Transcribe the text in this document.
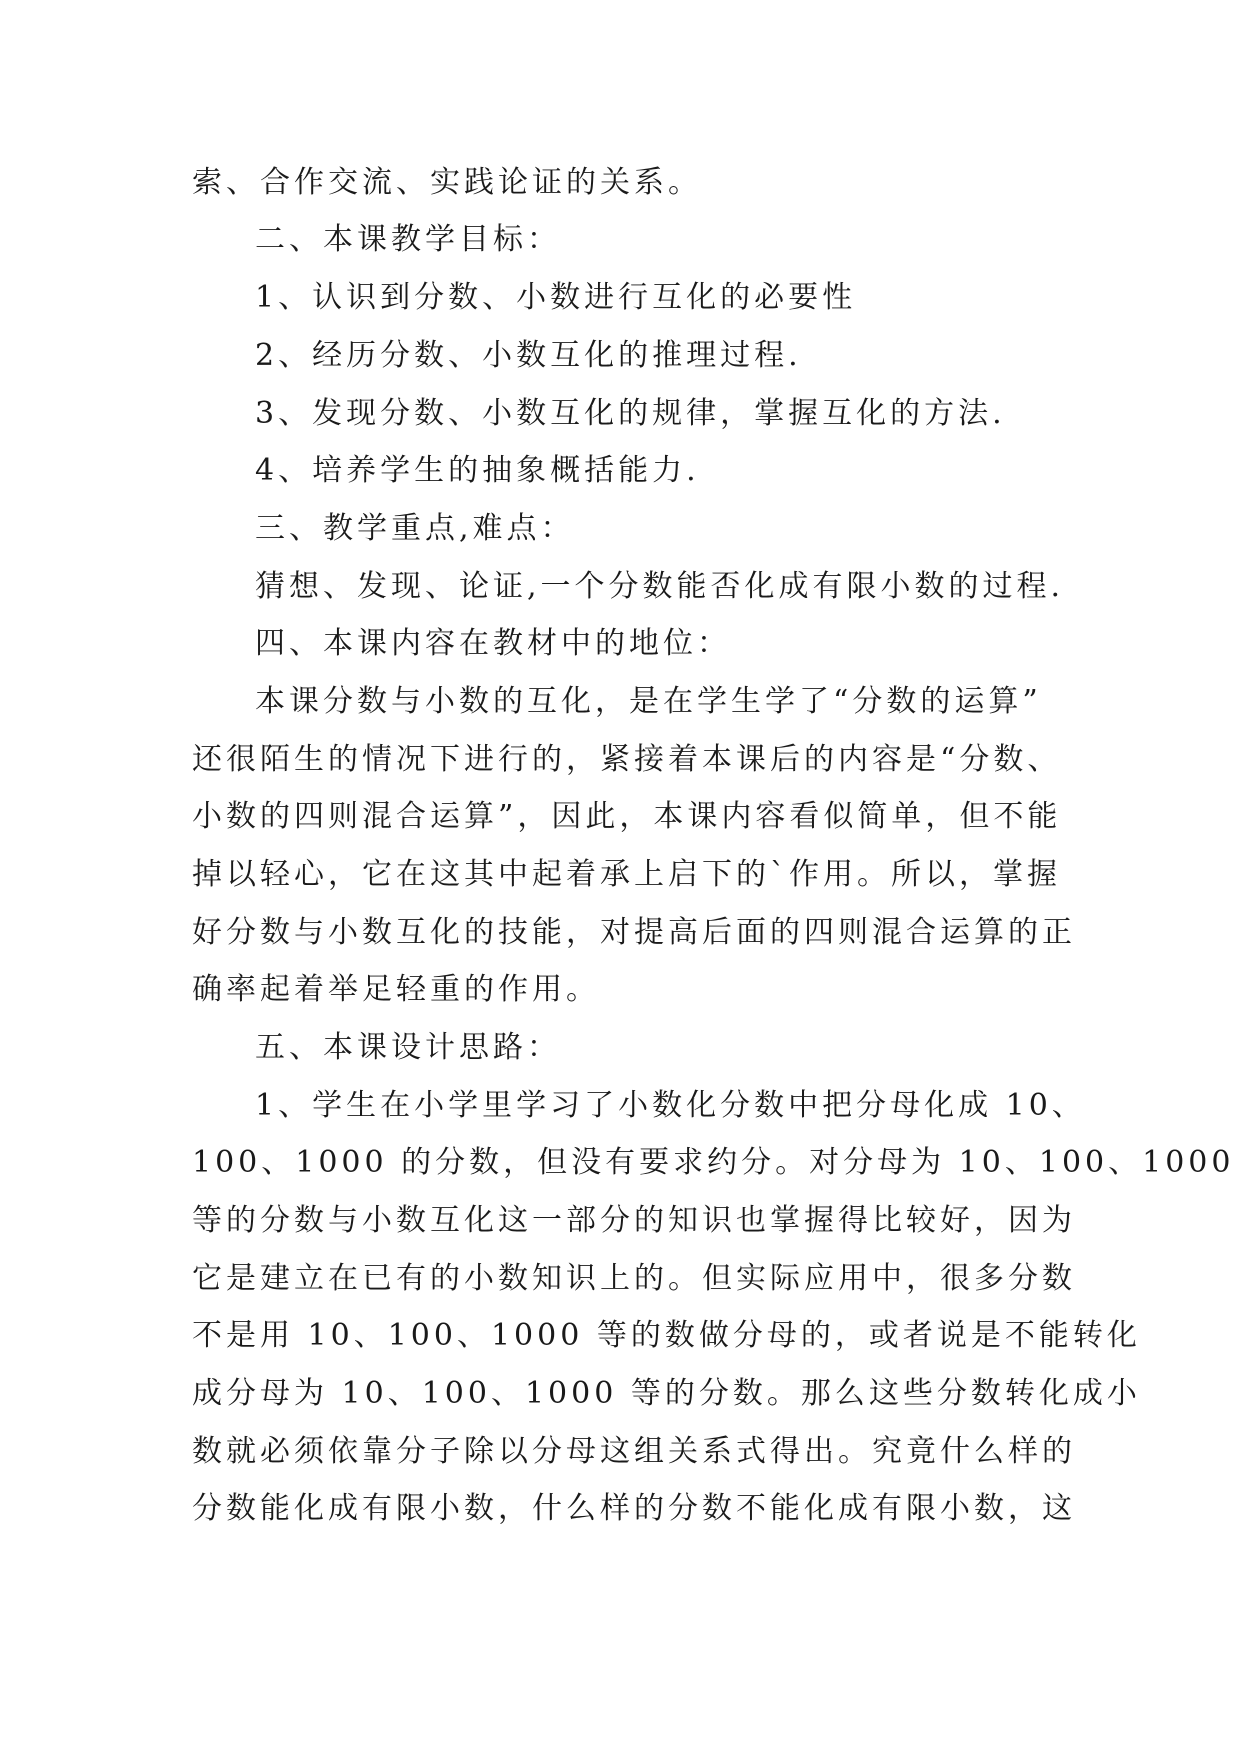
索、合作交流、实践论证的关系。
二、本课教学目标：
1、认识到分数、小数进行互化的必要性
2、经历分数、小数互化的推理过程.
3、发现分数、小数互化的规律，掌握互化的方法.
4、培养学生的抽象概括能力.
三、教学重点,难点：
猜想、发现、论证,一个分数能否化成有限小数的过程.
四、本课内容在教材中的地位：
本课分数与小数的互化，是在学生学了“分数的运算”
还很陌生的情况下进行的，紧接着本课后的内容是“分数、
小数的四则混合运算”，因此，本课内容看似简单，但不能
掉以轻心，它在这其中起着承上启下的`作用。所以，掌握
好分数与小数互化的技能，对提高后面的四则混合运算的正
确率起着举足轻重的作用。
五、本课设计思路：
1、学生在小学里学习了小数化分数中把分母化成 10、
100、1000 的分数，但没有要求约分。对分母为 10、100、1000
等的分数与小数互化这一部分的知识也掌握得比较好，因为
它是建立在已有的小数知识上的。但实际应用中，很多分数
不是用 10、100、1000 等的数做分母的，或者说是不能转化
成分母为 10、100、1000 等的分数。那么这些分数转化成小
数就必须依靠分子除以分母这组关系式得出。究竟什么样的
分数能化成有限小数，什么样的分数不能化成有限小数，这
